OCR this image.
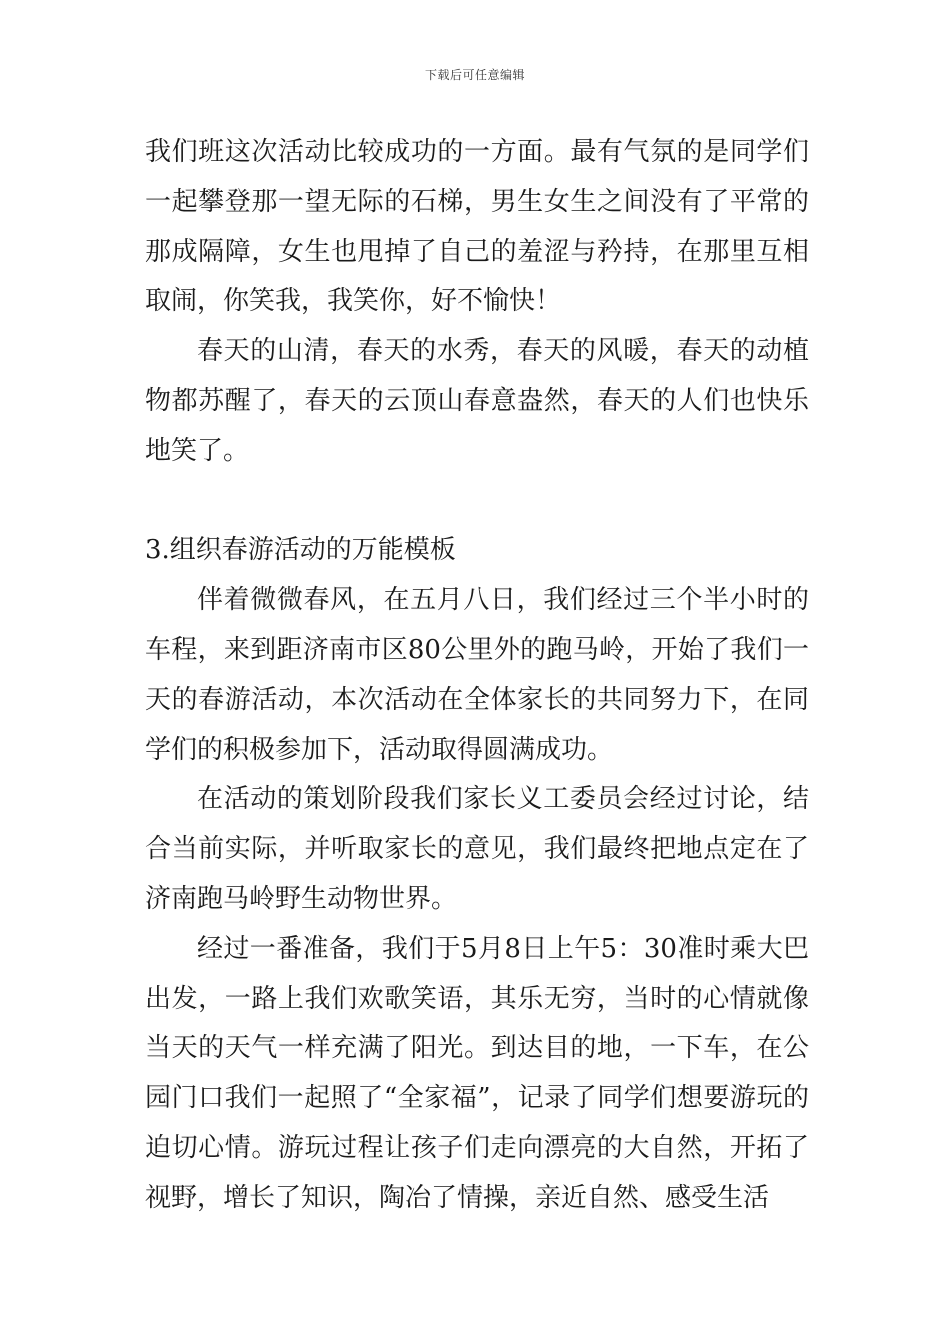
下载后可任意编辑

我们班这次活动比较成功的一方面。最有气氛的是同学们一起攀登那一望无际的石梯，男生女生之间没有了平常的那成隔障，女生也甩掉了自己的羞涩与矜持，在那里互相取闹，你笑我，我笑你，好不愉快！

春天的山清，春天的水秀，春天的风暖，春天的动植物都苏醒了，春天的云顶山春意盎然，春天的人们也快乐地笑了。

3.组织春游活动的万能模板

伴着微微春风，在五月八日，我们经过三个半小时的车程，来到距济南市区80公里外的跑马岭，开始了我们一天的春游活动，本次活动在全体家长的共同努力下，在同学们的积极参加下，活动取得圆满成功。

在活动的策划阶段我们家长义工委员会经过讨论，结合当前实际，并听取家长的意见，我们最终把地点定在了济南跑马岭野生动物世界。

经过一番准备，我们于5月8日上午5：30准时乘大巴出发，一路上我们欢歌笑语，其乐无穷，当时的心情就像当天的天气一样充满了阳光。到达目的地，一下车，在公园门口我们一起照了“全家福”，记录了同学们想要游玩的迫切心情。游玩过程让孩子们走向漂亮的大自然，开拓了视野，增长了知识，陶冶了情操，亲近自然、感受生活
